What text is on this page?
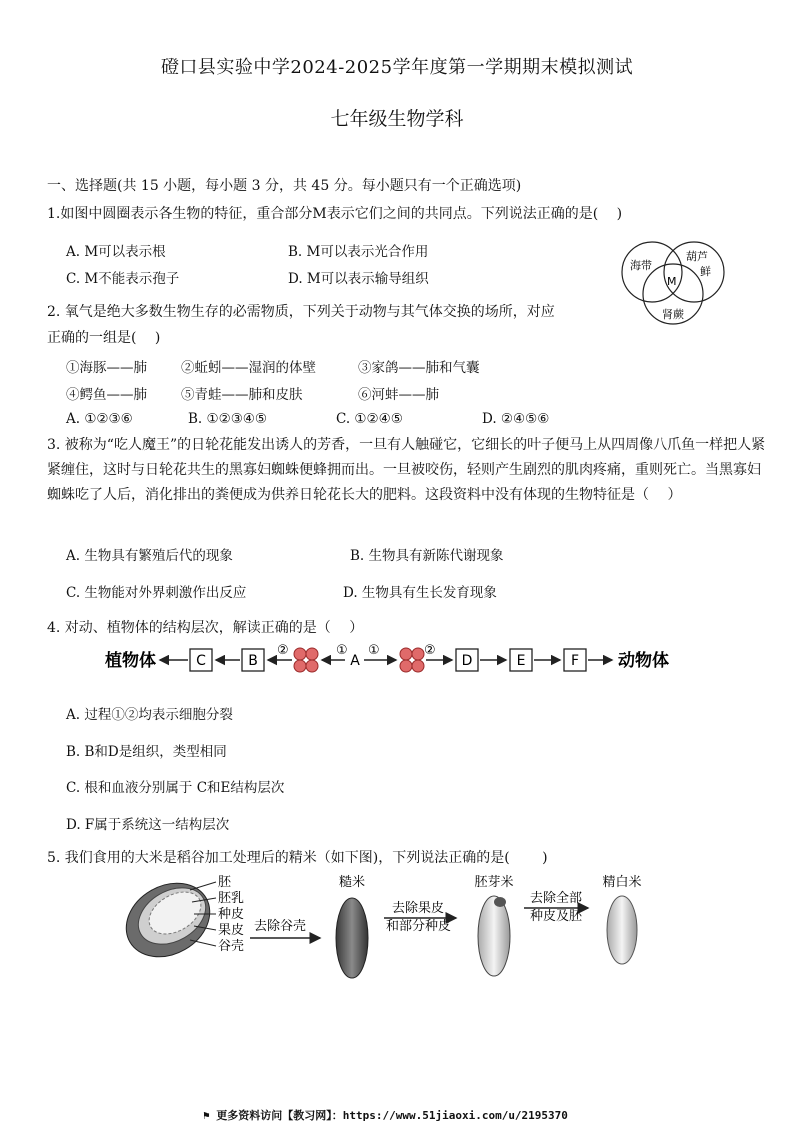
磴口县实验中学2024-2025学年度第一学期期末模拟测试
七年级生物学科
一、选择题(共 15 小题，每小题 3 分，共 45 分。每小题只有一个正确选项)
1.如图中圆圈表示各生物的特征，重合部分M表示它们之间的共同点。下列说法正确的是(　 )
A. M可以表示根	B. M可以表示光合作用
C. M不能表示孢子	D. M可以表示输导组织
海带
葫芦
鲜
肾蕨
M
2. 氧气是绝大多数生物生存的必需物质，下列关于动物与其气体交换的场所，对应
正确的一组是(　 )
①海豚——肺	②蚯蚓——湿润的体壁	③家鸽——肺和气囊
④鳄鱼——肺	⑤青蛙——肺和皮肤	⑥河蚌——肺
A. ①②③⑥	B. ①②③④⑤	C. ①②④⑤	D. ②④⑤⑥
3. 被称为“吃人魔王”的日轮花能发出诱人的芳香，一旦有人触碰它，它细长的叶子便马上从四周像八爪鱼一样把人紧紧缠住，这时与日轮花共生的黑寡妇蜘蛛便蜂拥而出。一旦被咬伤，轻则产生剧烈的肌肉疼痛，重则死亡。当黑寡妇蜘蛛吃了人后，消化排出的粪便成为供养日轮花长大的肥料。这段资料中没有体现的生物特征是（　 ）
A. 生物具有繁殖后代的现象	B. 生物具有新陈代谢现象
C. 生物能对外界刺激作出反应	D. 生物具有生长发育现象
4. 对动、植物体的结构层次，解读正确的是（　 ）
植物体	C	B
②	①
A
①	②
D	E	F 动物体
A. 过程①②均表示细胞分裂
B. B和D是组织，类型相同
C. 根和血液分别属于 C和E结构层次
D. F属于系统这一结构层次
5. 我们食用的大米是稻谷加工处理后的精米（如下图)，下列说法正确的是(　 　)
胚
胚乳
种皮
果皮
谷壳
去除谷壳
糙米
去除果皮
和部分种皮
胚芽米
去除全部
种皮及胚
精白米
⚑ 更多资料访问【教习网】：https://www.51jiaoxi.com/u/2195370
